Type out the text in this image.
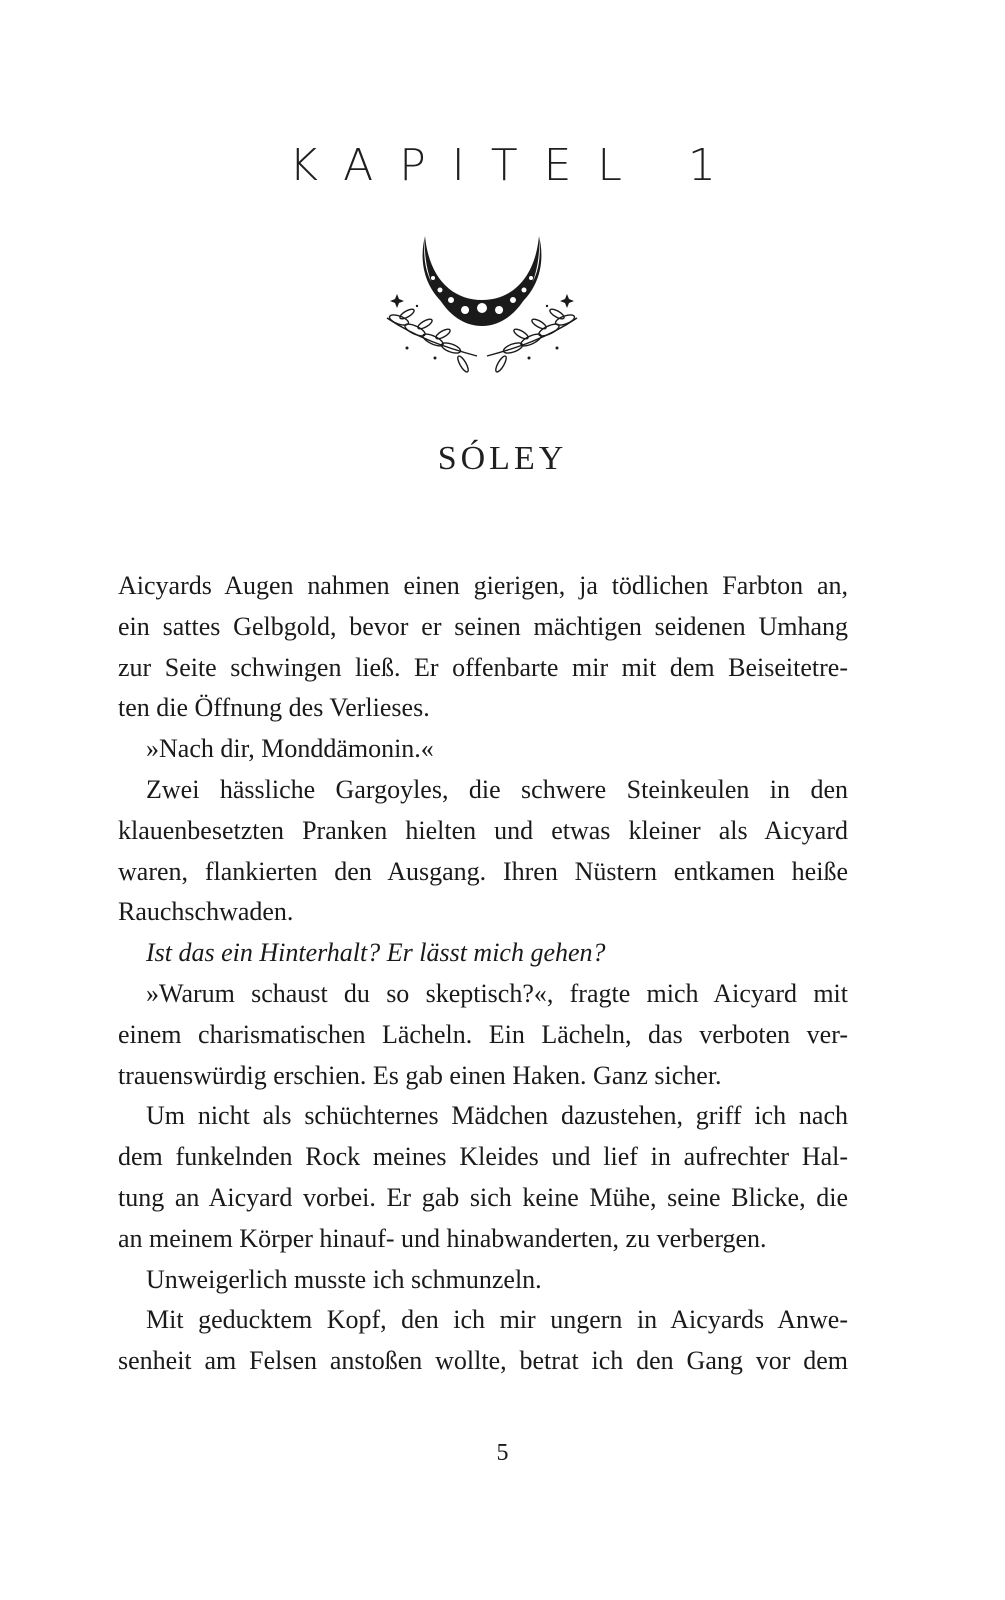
KAPITEL 1
SÓLEY
Aicyards Augen nahmen einen gierigen, ja tödlichen Farbton an,
ein sattes Gelbgold, bevor er seinen mächtigen seidenen Umhang
zur Seite schwingen ließ. Er offenbarte mir mit dem Beiseitetre-
ten die Öffnung des Verlieses.
»Nach dir, Monddämonin.«
Zwei hässliche Gargoyles, die schwere Steinkeulen in den
klauenbesetzten Pranken hielten und etwas kleiner als Aicyard
waren, flankierten den Ausgang. Ihren Nüstern entkamen heiße
Rauchschwaden.
Ist das ein Hinterhalt? Er lässt mich gehen?
»Warum schaust du so skeptisch?«, fragte mich Aicyard mit
einem charismatischen Lächeln. Ein Lächeln, das verboten ver-
trauenswürdig erschien. Es gab einen Haken. Ganz sicher.
Um nicht als schüchternes Mädchen dazustehen, griff ich nach
dem funkelnden Rock meines Kleides und lief in aufrechter Hal-
tung an Aicyard vorbei. Er gab sich keine Mühe, seine Blicke, die
an meinem Körper hinauf- und hinabwanderten, zu verbergen.
Unweigerlich musste ich schmunzeln.
Mit geducktem Kopf, den ich mir ungern in Aicyards Anwe-
senheit am Felsen anstoßen wollte, betrat ich den Gang vor dem
5
